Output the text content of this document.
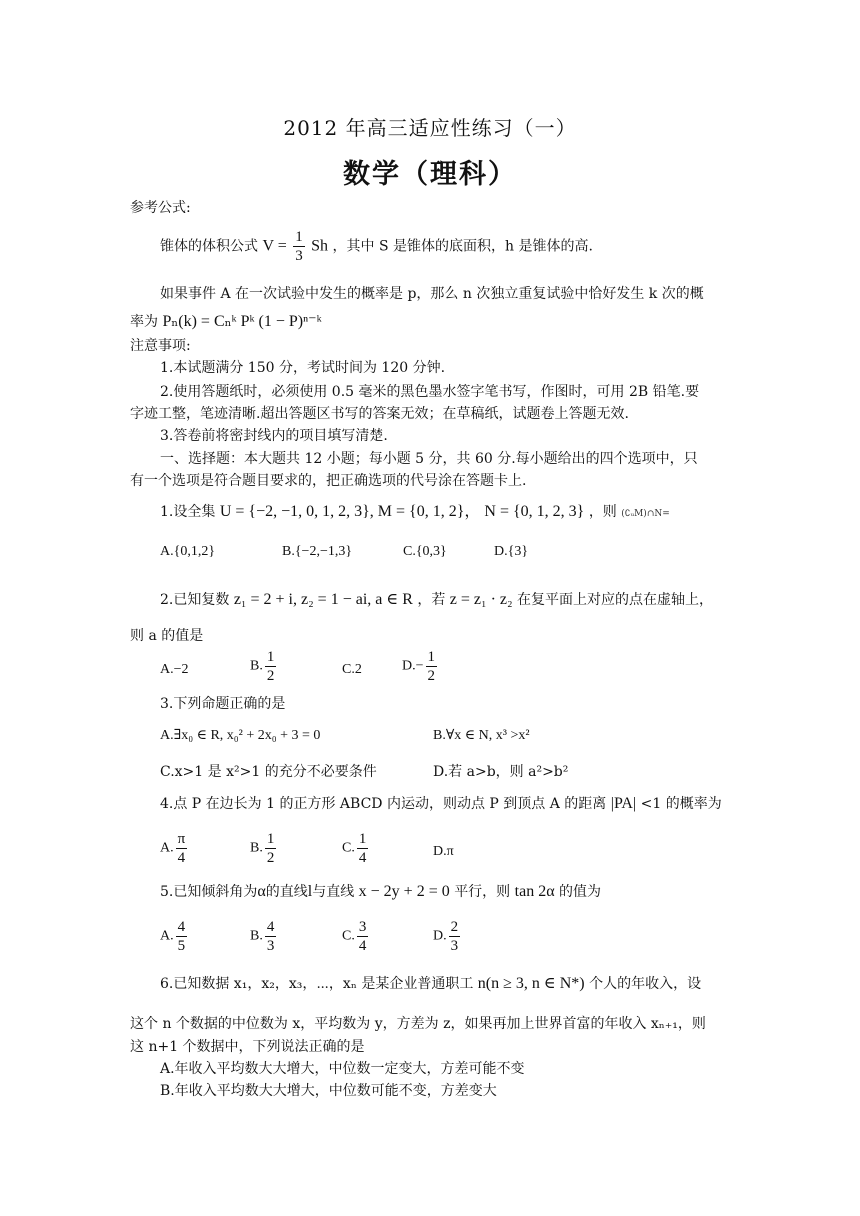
2012 年高三适应性练习（一）
数学（理科）
参考公式:
锥体的体积公式 $V = \frac{1}{3}$ Sh ，其中 S 是锥体的底面积，h 是锥体的高.
如果事件 A 在一次试验中发生的概率是 p，那么 n 次独立重复试验中恰好发生 k 次的概
率为 Pₙ(k) = Cₙᵏ Pᵏ (1 − P)ⁿ⁻ᵏ
注意事项:
1.本试题满分 150 分，考试时间为 120 分钟.
2.使用答题纸时，必须使用 0.5 毫米的黑色墨水签字笔书写，作图时，可用 2B 铅笔.要
字迹工整，笔迹清晰.超出答题区书写的答案无效；在草稿纸，试题卷上答题无效.
3.答卷前将密封线内的项目填写清楚.
一、选择题：本大题共 12 小题；每小题 5 分，共 60 分.每小题给出的四个选项中，只
有一个选项是符合题目要求的，把正确选项的代号涂在答题卡上.
1.设全集 U = {−2, −1, 0, 1, 2, 3}, M = {0, 1, 2}， N = {0, 1, 2, 3} ，则 (∁ᵤM)∩N=
A.{0,1,2}	B.{−2,−1,3}	C.{0,3}	D.{3}
2.已知复数 z₁ = 2 + i, z₂ = 1 − ai, a ∈ R ，若 z = z₁ · z₂ 在复平面上对应的点在虚轴上，
则 a 的值是
A.−2	B. $\frac{1}{2}$	C.2	$D.- \frac{1}{2}$
3.下列命题正确的是
A.∃x₀ ∈ R, x₀² + 2x₀ + 3 = 0	B.∀x ∈ N, x³ >x²
C.x>1 是 x²>1 的充分不必要条件	D.若 a>b，则 a²>b²
4.点 P 在边长为 1 的正方形 ABCD 内运动，则动点 P 到顶点 A 的距离 |PA| <1 的概率为
A. $\frac{\pi}{4}$	B. $\frac{1}{2}$	C. $\frac{1}{4}$	D.π
5.已知倾斜角为α的直线l与直线 x − 2y + 2 = 0 平行，则 tan 2α 的值为
A. $\frac{4}{5}$	B. $\frac{4}{3}$	C. $\frac{3}{4}$	D. $\frac{2}{3}$
6.已知数据 x₁，x₂，x₃，⋯，xₙ 是某企业普通职工 n(n ≥ 3, n ∈ N*) 个人的年收入，设
这个 n 个数据的中位数为 x，平均数为 y，方差为 z，如果再加上世界首富的年收入 xₙ₊₁，则
这 n+1 个数据中，下列说法正确的是
A.年收入平均数大大增大，中位数一定变大，方差可能不变
B.年收入平均数大大增大，中位数可能不变，方差变大
